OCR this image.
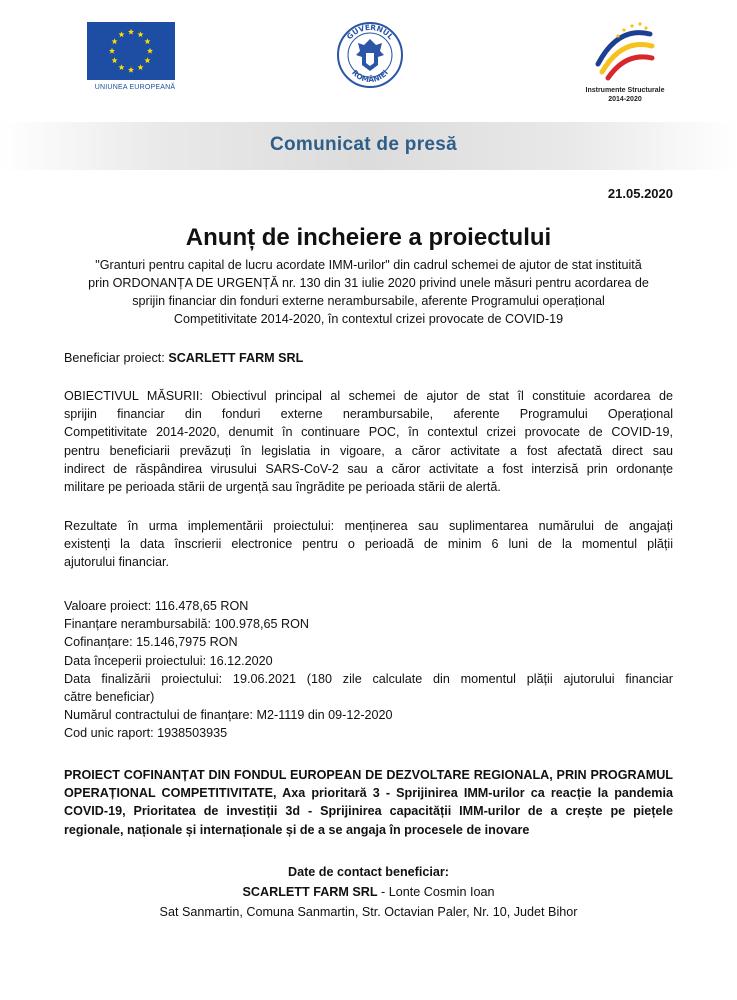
UNIUNEA EUROPEANĂ
GUVERNUL
ROMÂNIEI
Instrumente Structurale
2014-2020
Comunicat de presă
21.05.2020
Anunț de incheiere a proiectului
"Granturi pentru capital de lucru acordate IMM-urilor" din cadrul schemei de ajutor de stat instituită
prin ORDONANȚA DE URGENȚĂ nr. 130 din 31 iulie 2020 privind unele măsuri pentru acordarea de
sprijin financiar din fonduri externe nerambursabile, aferente Programului operațional
Competitivitate 2014-2020, în contextul crizei provocate de COVID-19
Beneficiar proiect: SCARLETT FARM SRL
OBIECTIVUL MĂSURII: Obiectivul principal al schemei de ajutor de stat îl constituie acordarea de
sprijin financiar din fonduri externe nerambursabile, aferente Programului Operațional
Competitivitate 2014-2020, denumit în continuare POC, în contextul crizei provocate de COVID-19,
pentru beneficiarii prevăzuți în legislatia in vigoare, a căror activitate a fost afectată direct sau
indirect de răspândirea virusului SARS-CoV-2 sau a căror activitate a fost interzisă prin ordonanțe
militare pe perioada stării de urgență sau îngrădite pe perioada stării de alertă.
Rezultate în urma implementării proiectului: menținerea sau suplimentarea numărului de angajați
existenți la data înscrierii electronice pentru o perioadă de minim 6 luni de la momentul plății
ajutorului financiar.
Valoare proiect: 116.478,65 RON
Finanțare nerambursabilă: 100.978,65 RON
Cofinanțare: 15.146,7975 RON
Data începerii proiectului: 16.12.2020
Data finalizării proiectului: 19.06.2021 (180 zile calculate din momentul plății ajutorului financiar
către beneficiar)
Numărul contractului de finanțare: M2-1119 din 09-12-2020
Cod unic raport: 1938503935
PROIECT COFINANȚAT DIN FONDUL EUROPEAN DE DEZVOLTARE REGIONALA, PRIN PROGRAMUL
OPERAȚIONAL COMPETITIVITATE, Axa prioritară 3 - Sprijinirea IMM-urilor ca reacție la pandemia
COVID-19, Prioritatea de investiții 3d - Sprijinirea capacității IMM-urilor de a crește pe piețele
regionale, naționale și internaționale și de a se angaja în procesele de inovare
Date de contact beneficiar:
SCARLETT FARM SRL - Lonte Cosmin Ioan
Sat Sanmartin, Comuna Sanmartin, Str. Octavian Paler, Nr. 10, Judet Bihor
